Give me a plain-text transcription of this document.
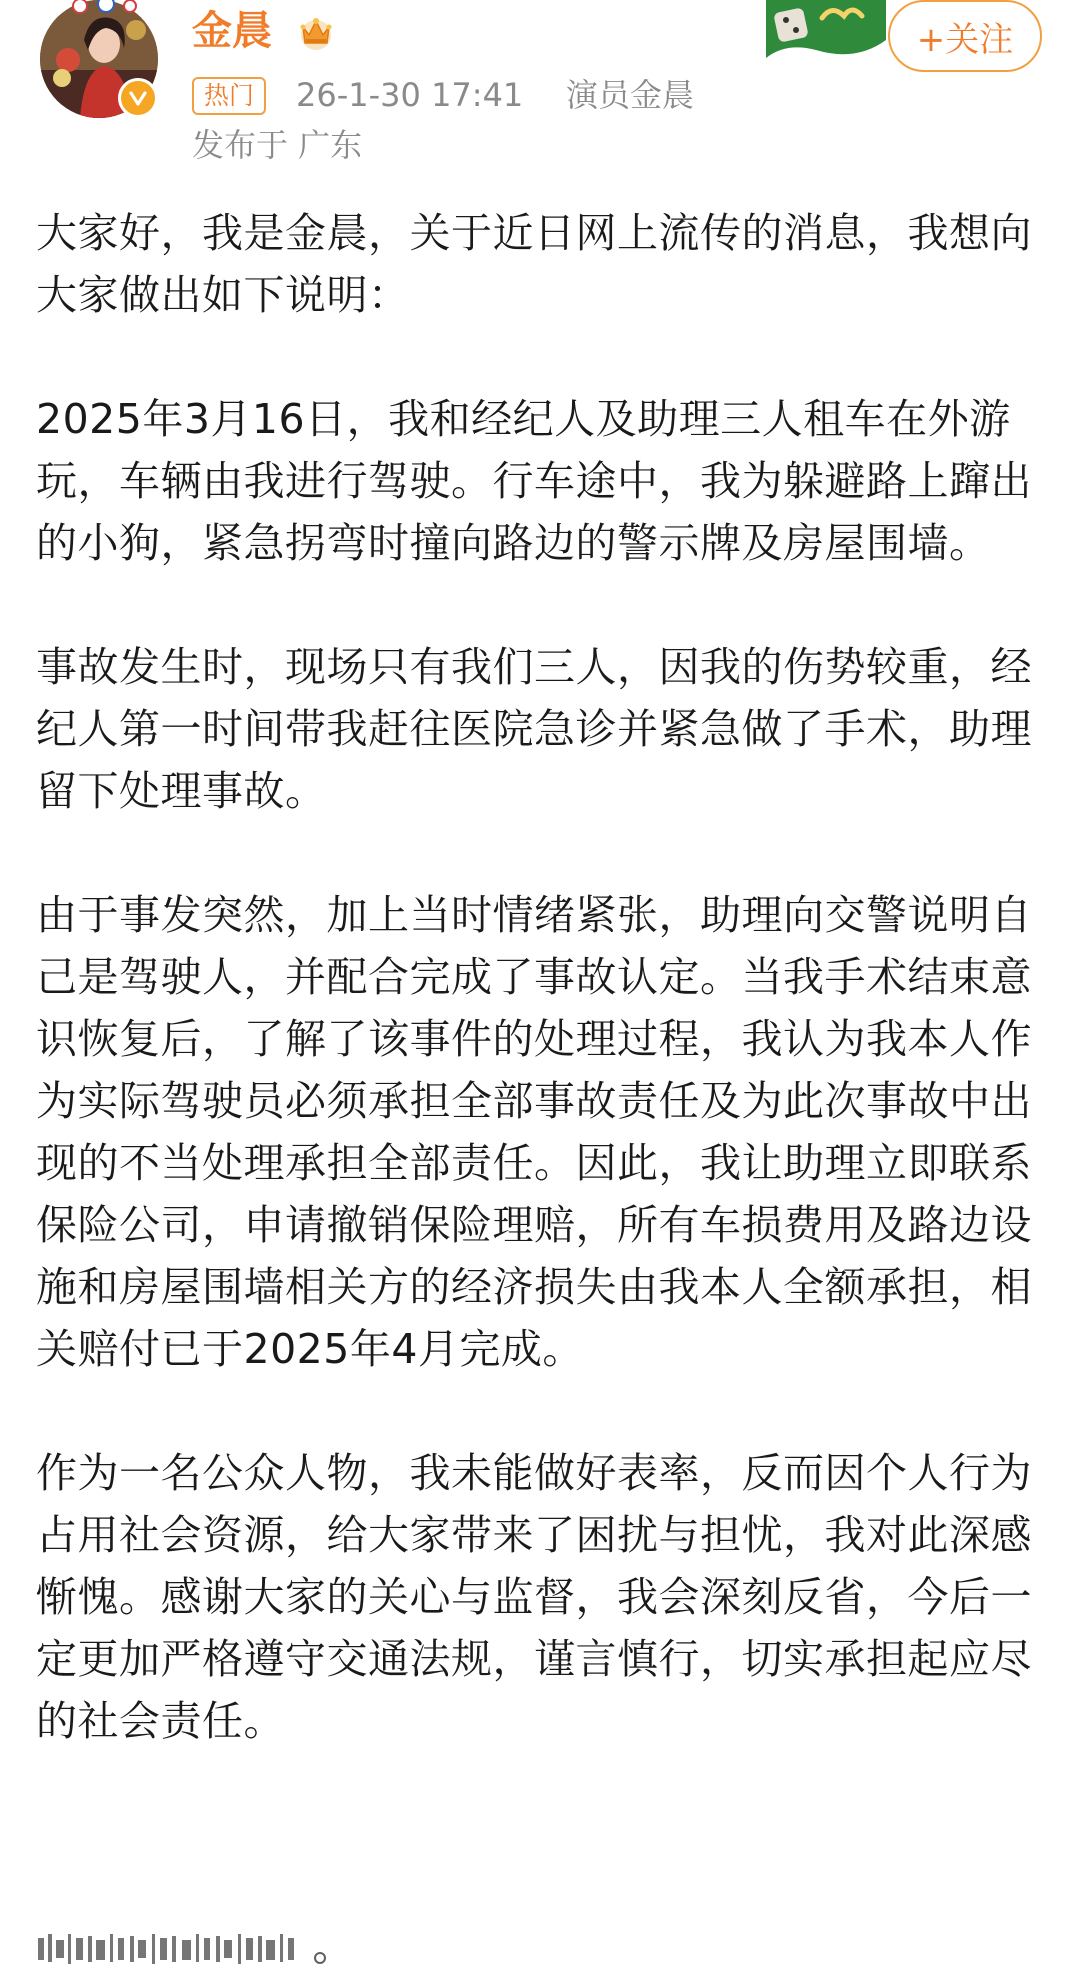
金晨
热门	26-1-30 17:41 演员金晨
发布于 广东
+关注

大家好，我是金晨，关于近日网上流传的消息，我想向大家做出如下说明：

2025年3月16日，我和经纪人及助理三人租车在外游玩，车辆由我进行驾驶。行车途中，我为躲避路上蹿出的小狗，紧急拐弯时撞向路边的警示牌及房屋围墙。

事故发生时，现场只有我们三人，因我的伤势较重，经纪人第一时间带我赶往医院急诊并紧急做了手术，助理留下处理事故。

由于事发突然，加上当时情绪紧张，助理向交警说明自己是驾驶人，并配合完成了事故认定。当我手术结束意识恢复后，了解了该事件的处理过程，我认为我本人作为实际驾驶员必须承担全部事故责任及为此次事故中出现的不当处理承担全部责任。因此，我让助理立即联系保险公司，申请撤销保险理赔，所有车损费用及路边设施和房屋围墙相关方的经济损失由我本人全额承担，相关赔付已于2025年4月完成。

作为一名公众人物，我未能做好表率，反而因个人行为占用社会资源，给大家带来了困扰与担忧，我对此深感惭愧。感谢大家的关心与监督，我会深刻反省，今后一定更加严格遵守交通法规，谨言慎行，切实承担起应尽的社会责任。
